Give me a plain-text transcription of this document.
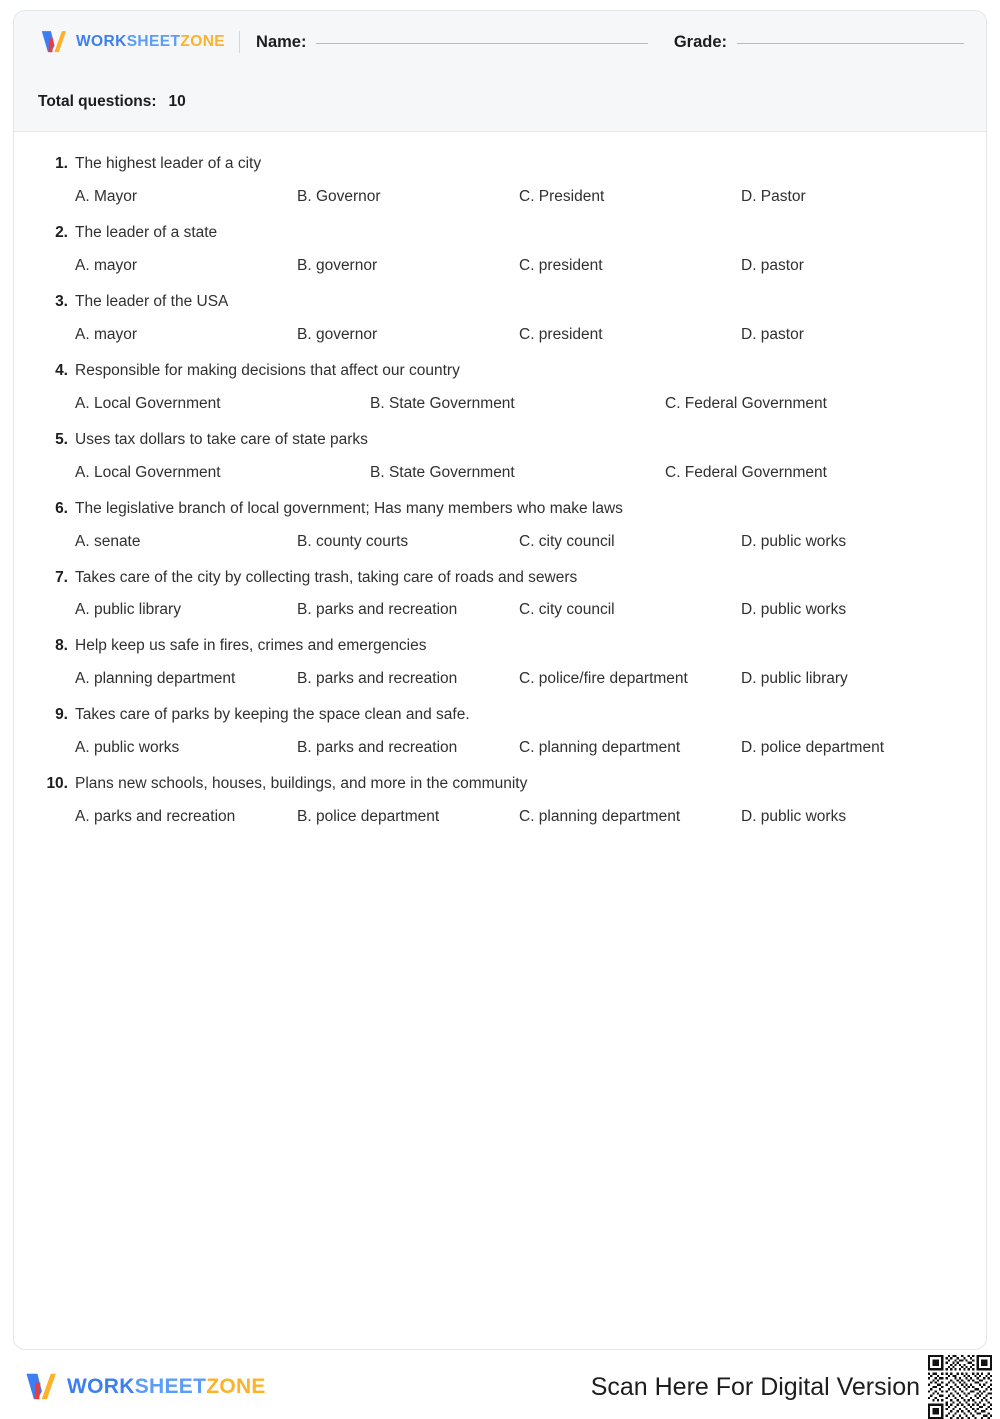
WORKSHEETZONE Name:	Grade:
Total questions: 10
1. The highest leader of a city
A. Mayor	B. Governor	C. President	D. Pastor
2. The leader of a state
A. mayor	B. governor	C. president	D. pastor
3. The leader of the USA
A. mayor	B. governor	C. president	D. pastor
4. Responsible for making decisions that affect our country
A. Local Government	B. State Government	C. Federal Government
5. Uses tax dollars to take care of state parks
A. Local Government	B. State Government	C. Federal Government
6. The legislative branch of local government; Has many members who make laws
A. senate	B. county courts	C. city council	D. public works
7. Takes care of the city by collecting trash, taking care of roads and sewers
A. public library	B. parks and recreation	C. city council	D. public works
8. Help keep us safe in fires, crimes and emergencies
A. planning department	B. parks and recreation	C. police/fire department	D. public library
9. Takes care of parks by keeping the space clean and safe.
A. public works	B. parks and recreation	C. planning department	D. police department
10. Plans new schools, houses, buildings, and more in the community
A. parks and recreation	B. police department	C. planning department	D. public works
WORKSHEETZONE	Scan Here For Digital Version
